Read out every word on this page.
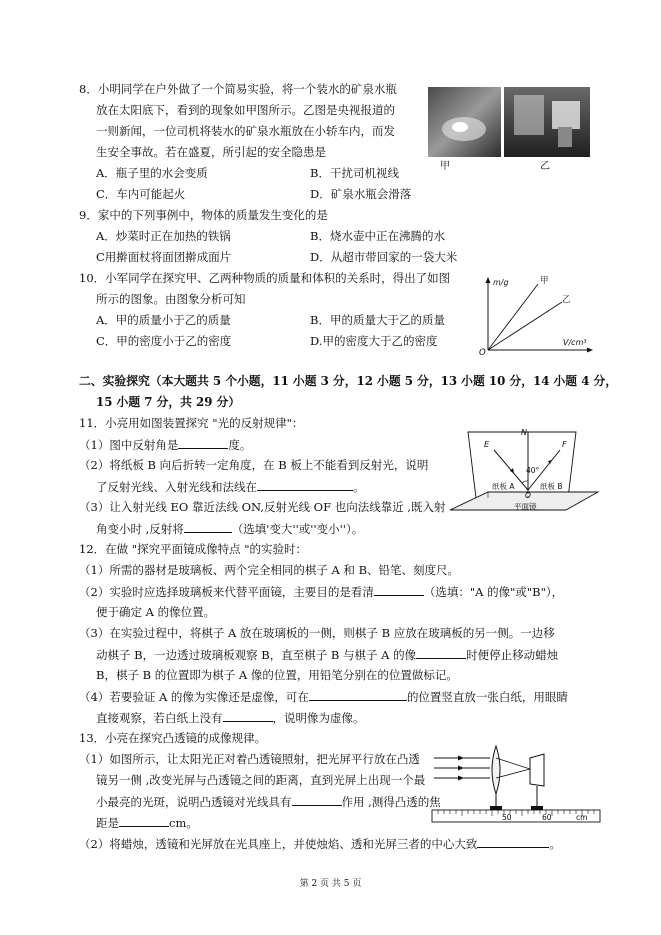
8．小明同学在户外做了一个简易实验，将一个装水的矿泉水瓶
放在太阳底下，看到的现象如甲图所示。乙图是央视报道的
一则新闻，一位司机将装水的矿泉水瓶放在小轿车内，而发
生安全事故。若在盛夏，所引起的安全隐患是
A．瓶子里的水会变质	B．干扰司机视线
C．车内可能起火	D．矿泉水瓶会滑落
甲	乙
9．家中的下列事例中，物体的质量发生变化的是
A．炒菜时正在加热的铁锅	B．烧水壶中正在沸腾的水
C用擀面杖将面团擀成面片	D．从超市带回家的一袋大米
10．小军同学在探究甲、乙两种物质的质量和体积的关系时，得出了如图
所示的图象。由图象分析可知
A．甲的质量小于乙的质量	B．甲的质量大于乙的质量
C．甲的密度小于乙的密度	D.甲的密度大于乙的密度
m/g	甲
乙
V/cm³
O
二、实验探究（本大题共 5 个小题，11 小题 3 分，12 小题 5 分，13 小题 10 分，14 小题 4 分，
15 小题 7 分，共 29 分）
11．小亮用如图装置探究 "光的反射规律"：
（1）图中反射角是	度。
（2）将纸板 B 向后折转一定角度，在 B 板上不能看到反射光，说明
了反射光线、入射光线和法线在	。
（3）让入射光线 EO 靠近法线 ON,反射光线 OF 也向法线靠近 ,既入射
角变小时 ,反射将	（选填'变大''或''变小''）。
E
N
F
40°
纸板 A	纸板 B
O
平面镜
12．在做 "探究平面镜成像特点 "的实验时：
（1）所需的器材是玻璃板、两个完全相同的棋子 A 和 B、铅笔、刻度尺。
（2）实验时应选择玻璃板来代替平面镜，主要目的是看清	（选填："A 的像"或"B"），
便于确定 A 的像位置。
（3）在实验过程中，将棋子 A 放在玻璃板的一侧，则棋子 B 应放在玻璃板的另一侧。一边移
动棋子 B，一边透过玻璃板观察 B，直至棋子 B 与棋子 A 的像	时便停止移动蜡烛
B，棋子 B 的位置即为棋子 A 像的位置，用铅笔分别在的位置做标记。
（4）若要验证 A 的像为实像还是虚像，可在	的位置竖直放一张白纸，用眼睛
直接观察，若白纸上没有	，说明像为虚像。
13．小亮在探究凸透镜的成像规律。
（1）如图所示，让太阳光正对着凸透镜照射，把光屏平行放在凸透
镜另一侧 ,改变光屏与凸透镜之间的距离，直到光屏上出现一个最
小最亮的光斑，说明凸透镜对光线具有	作用 ,测得凸透的焦
距是	cm。
（2）将蜡烛，透镜和光屏放在光具座上，并使烛焰、透和光屏三者的中心大致	。
50	60	cm
第 2 页 共 5 页
